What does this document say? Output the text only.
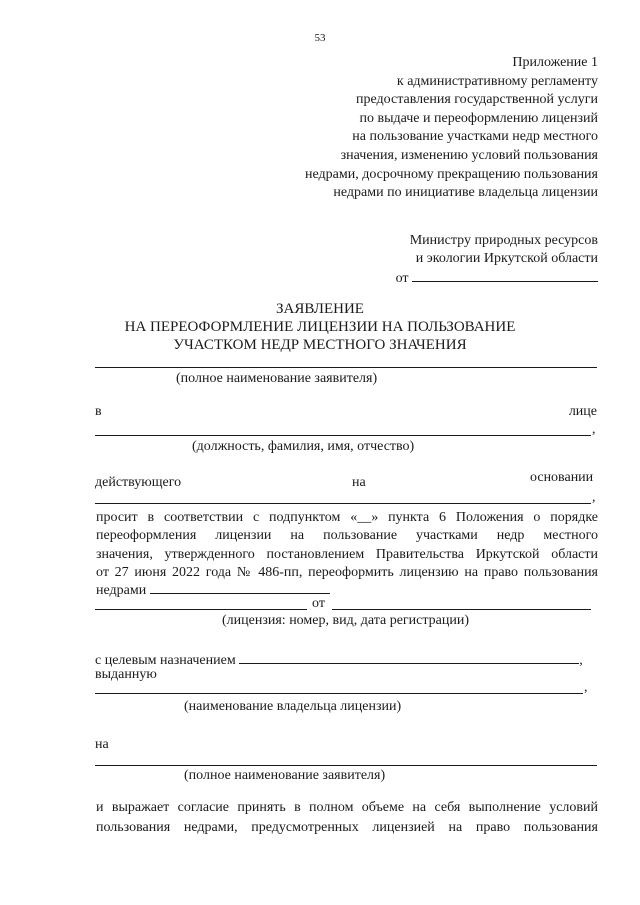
53
Приложение 1
к административному регламенту
предоставления государственной услуги
по выдаче и переоформлению лицензий
на пользование участками недр местного
значения, изменению условий пользования
недрами, досрочному прекращению пользования
недрами по инициативе владельца лицензии
Министру природных ресурсов
и экологии Иркутской области
от
ЗАЯВЛЕНИЕ
НА ПЕРЕОФОРМЛЕНИЕ ЛИЦЕНЗИИ НА ПОЛЬЗОВАНИЕ
УЧАСТКОМ НЕДР МЕСТНОГО ЗНАЧЕНИЯ
(полное наименование заявителя)
в	лице
,
(должность, фамилия, имя, отчество)
действующего	на	основании
,
просит в соответствии с подпунктом «__» пункта 6 Положения о порядке
переоформления лицензии на пользование участками недр местного
значения, утвержденного постановлением Правительства Иркутской области
от 27 июня 2022 года № 486-пп, переоформить лицензию на право пользования
недрами
от
(лицензия: номер, вид, дата регистрации)
с целевым назначением	,
выданную
,
(наименование владельца лицензии)
на
(полное наименование заявителя)
и выражает согласие принять в полном объеме на себя выполнение условий
пользования недрами, предусмотренных лицензией на право пользования
